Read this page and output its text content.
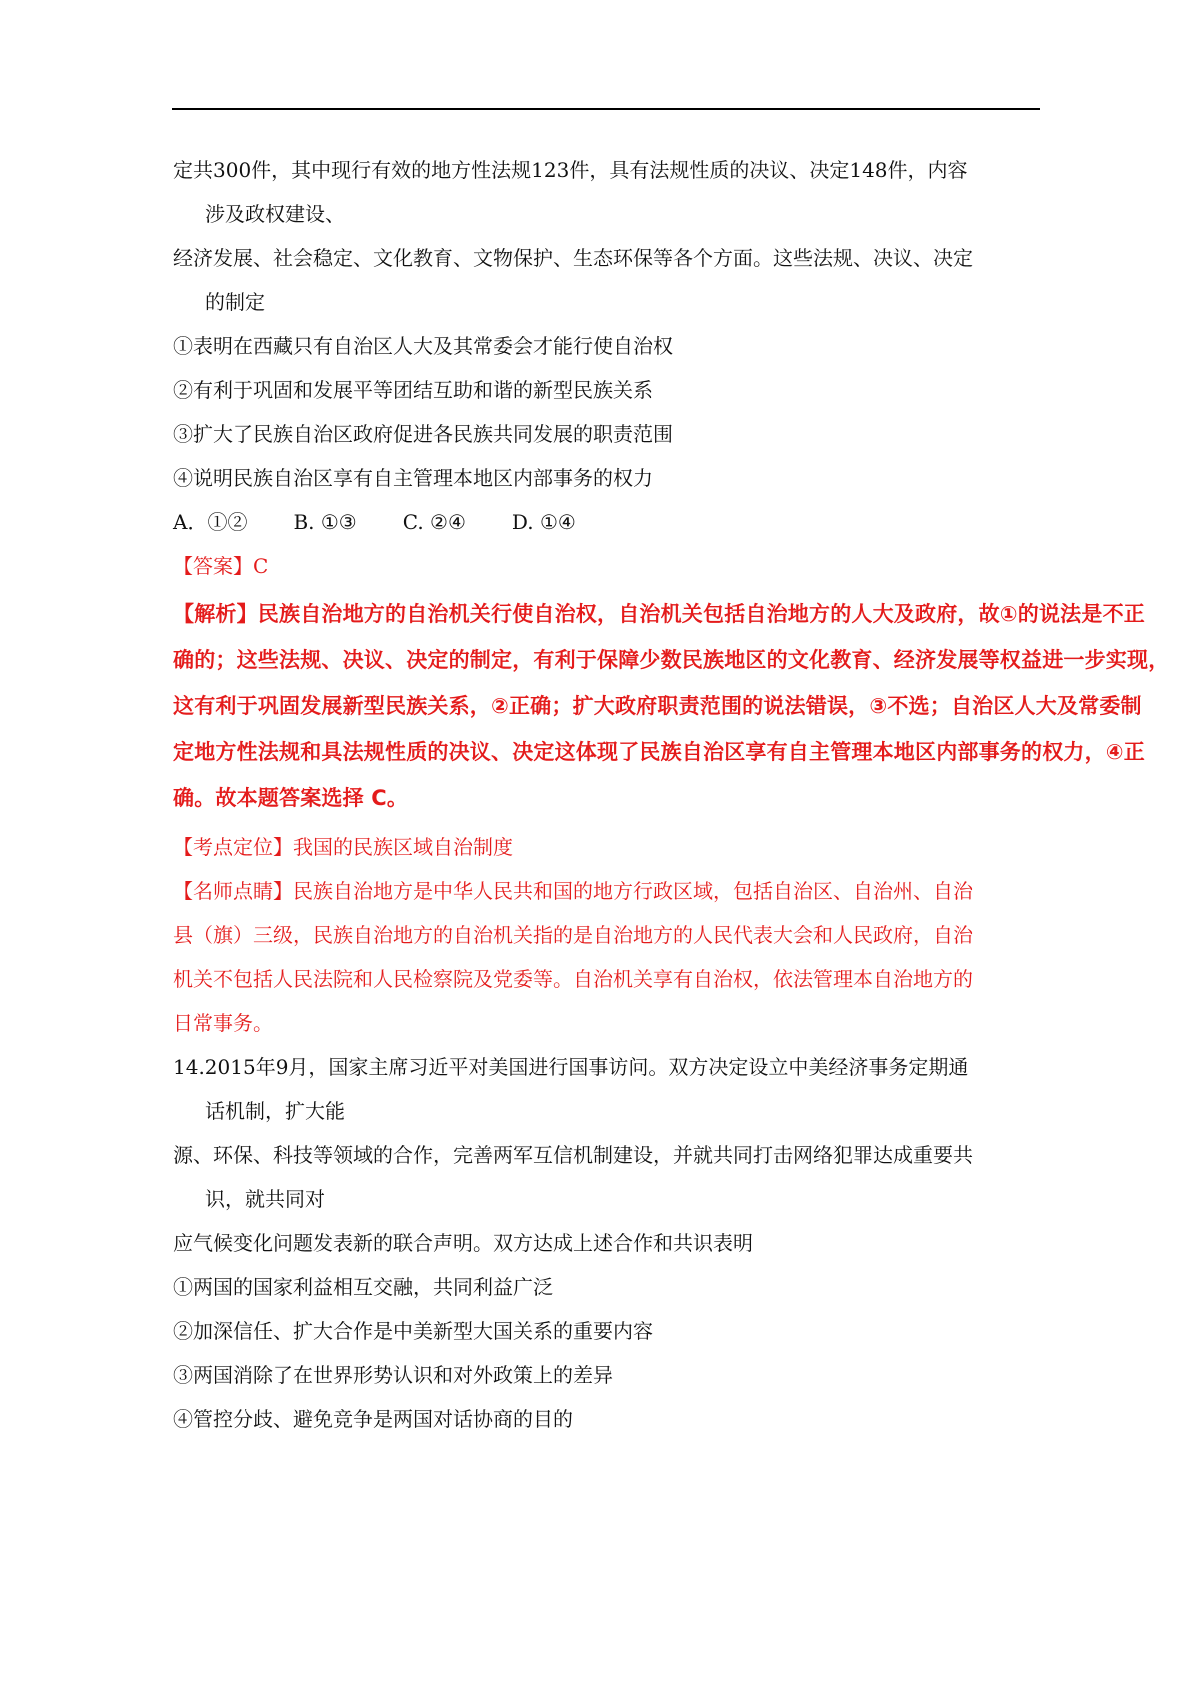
定共300件，其中现行有效的地方性法规123件，具有法规性质的决议、决定148件，内容
涉及政权建设、
经济发展、社会稳定、文化教育、文物保护、生态环保等各个方面。这些法规、决议、决定
的制定
①表明在西藏只有自治区人大及其常委会才能行使自治权
②有利于巩固和发展平等团结互助和谐的新型民族关系
③扩大了民族自治区政府促进各民族共同发展的职责范围
④说明民族自治区享有自主管理本地区内部事务的权力
A．①② B. ①③ C. ②④ D. ①④
【答案】C
【解析】民族自治地方的自治机关行使自治权，自治机关包括自治地方的人大及政府，故①的说法是不正
确的；这些法规、决议、决定的制定，有利于保障少数民族地区的文化教育、经济发展等权益进一步实现，
这有利于巩固发展新型民族关系，②正确；扩大政府职责范围的说法错误，③不选；自治区人大及常委制
定地方性法规和具法规性质的决议、决定这体现了民族自治区享有自主管理本地区内部事务的权力，④正
确。故本题答案选择 C。
【考点定位】我国的民族区域自治制度
【名师点睛】民族自治地方是中华人民共和国的地方行政区域，包括自治区、自治州、自治
县（旗）三级，民族自治地方的自治机关指的是自治地方的人民代表大会和人民政府，自治
机关不包括人民法院和人民检察院及党委等。自治机关享有自治权，依法管理本自治地方的
日常事务。
14.2015年9月，国家主席习近平对美国进行国事访问。双方决定设立中美经济事务定期通
话机制，扩大能
源、环保、科技等领域的合作，完善两军互信机制建设，并就共同打击网络犯罪达成重要共
识，就共同对
应气候变化问题发表新的联合声明。双方达成上述合作和共识表明
①两国的国家利益相互交融，共同利益广泛
②加深信任、扩大合作是中美新型大国关系的重要内容
③两国消除了在世界形势认识和对外政策上的差异
④管控分歧、避免竞争是两国对话协商的目的
